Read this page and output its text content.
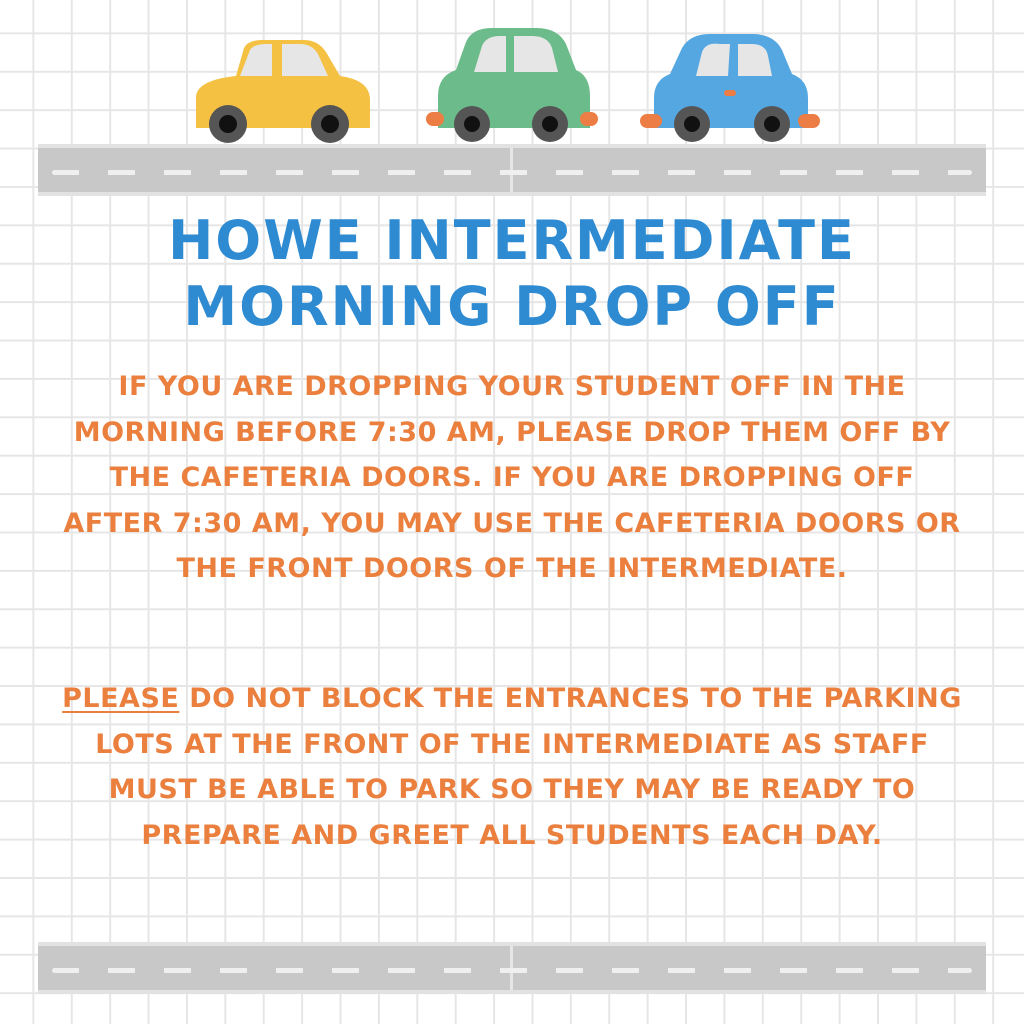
HOWE INTERMEDIATE
MORNING DROP OFF

IF YOU ARE DROPPING YOUR STUDENT OFF IN THE MORNING BEFORE 7:30 AM, PLEASE DROP THEM OFF BY THE CAFETERIA DOORS. IF YOU ARE DROPPING OFF AFTER 7:30 AM, YOU MAY USE THE CAFETERIA DOORS OR THE FRONT DOORS OF THE INTERMEDIATE.

PLEASE DO NOT BLOCK THE ENTRANCES TO THE PARKING LOTS AT THE FRONT OF THE INTERMEDIATE AS STAFF MUST BE ABLE TO PARK SO THEY MAY BE READY TO PREPARE AND GREET ALL STUDENTS EACH DAY.
